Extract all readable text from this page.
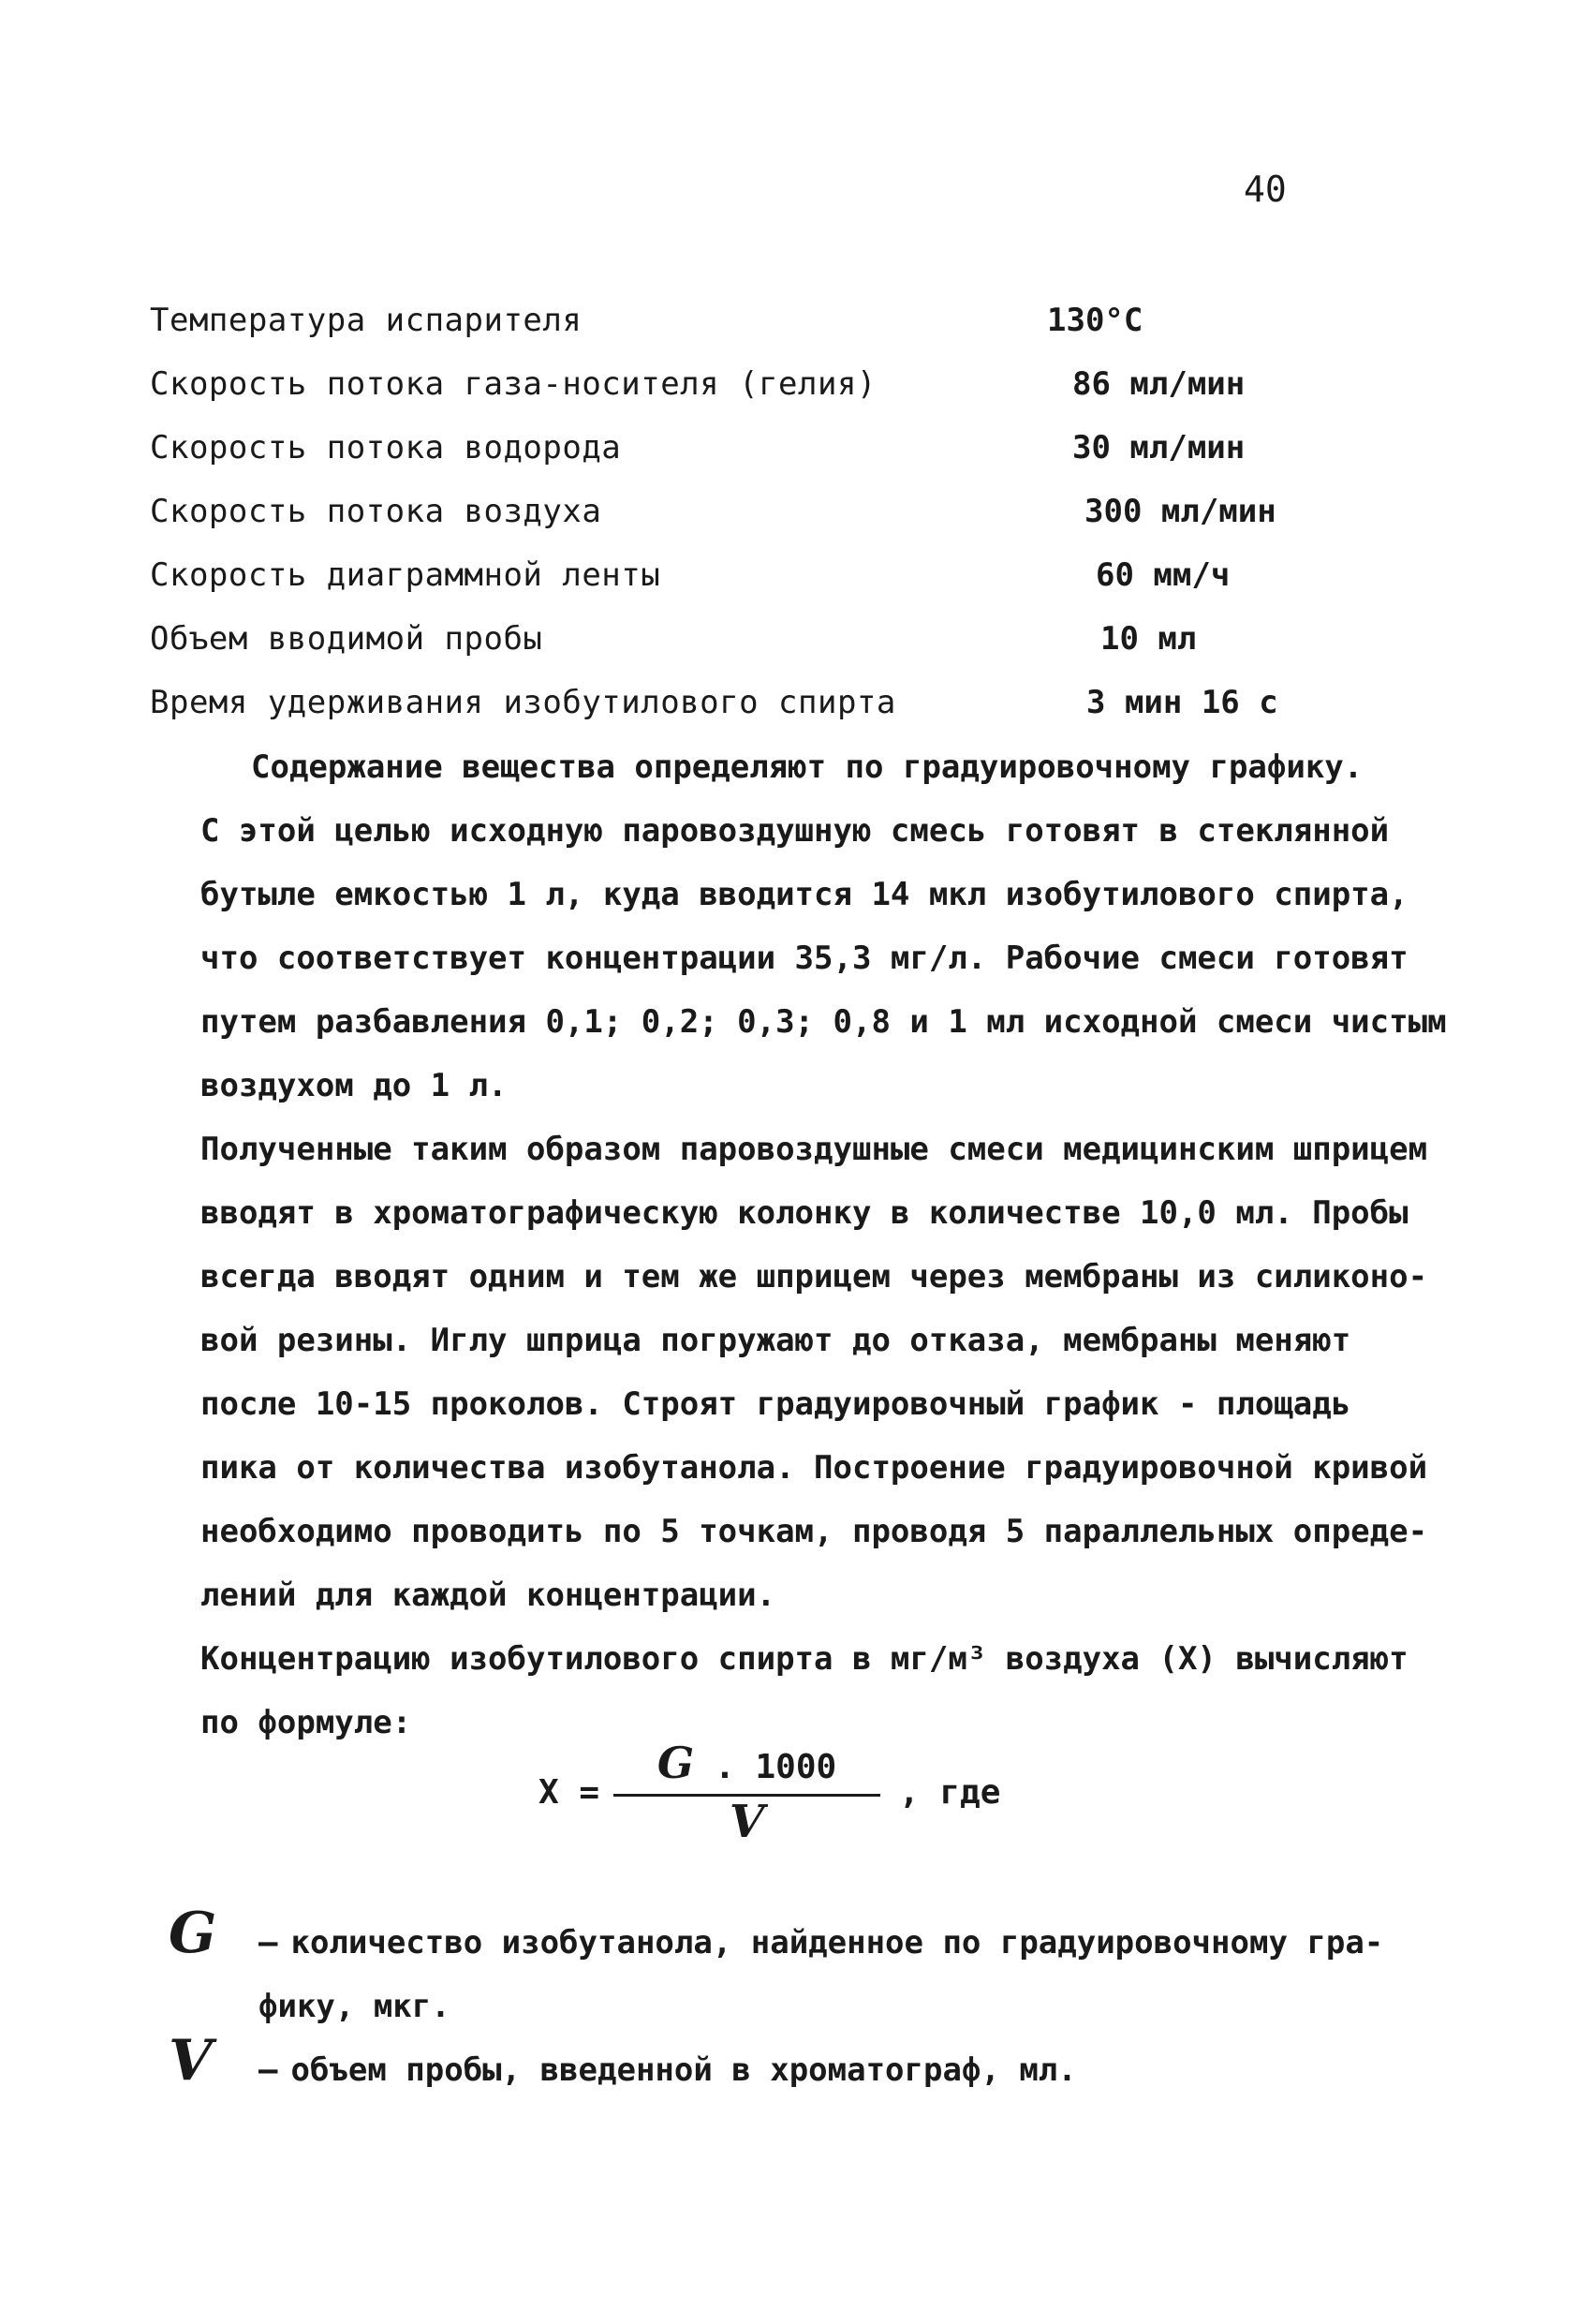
40
Температура испарителя	130°C
Скорость потока газа-носителя (гелия)	86 мл/мин
Скорость потока водорода	30 мл/мин
Скорость потока воздуха	300 мл/мин
Скорость диаграммной ленты	60 мм/ч
Объем вводимой пробы	10 мл
Время удерживания изобутилового спирта	3 мин 16 с
Содержание вещества определяют по градуировочному графику.
С этой целью исходную паровоздушную смесь готовят в стеклянной
бутыле емкостью 1 л, куда вводится 14 мкл изобутилового спирта,
что соответствует концентрации 35,3 мг/л. Рабочие смеси готовят
путем разбавления 0,1; 0,2; 0,3; 0,8 и 1 мл исходной смеси чистым
воздухом до 1 л.
Полученные таким образом паровоздушные смеси медицинским шприцем
вводят в хроматографическую колонку в количестве 10,0 мл. Пробы
всегда вводят одним и тем же шприцем через мембраны из силиконо-
вой резины. Иглу шприца погружают до отказа, мембраны меняют
после 10-15 проколов. Строят градуировочный график - площадь
пика от количества изобутанола. Построение градуировочной кривой
необходимо проводить по 5 точкам, проводя 5 параллельных опреде-
лений для каждой концентрации.
Концентрацию изобутилового спирта в мг/м³ воздуха (X) вычисляют
по формуле:
X =
G . 1000
V
, где
G – количество изобутанола, найденное по градуировочному гра-
фику, мкг.
V – объем пробы, введенной в хроматограф, мл.
